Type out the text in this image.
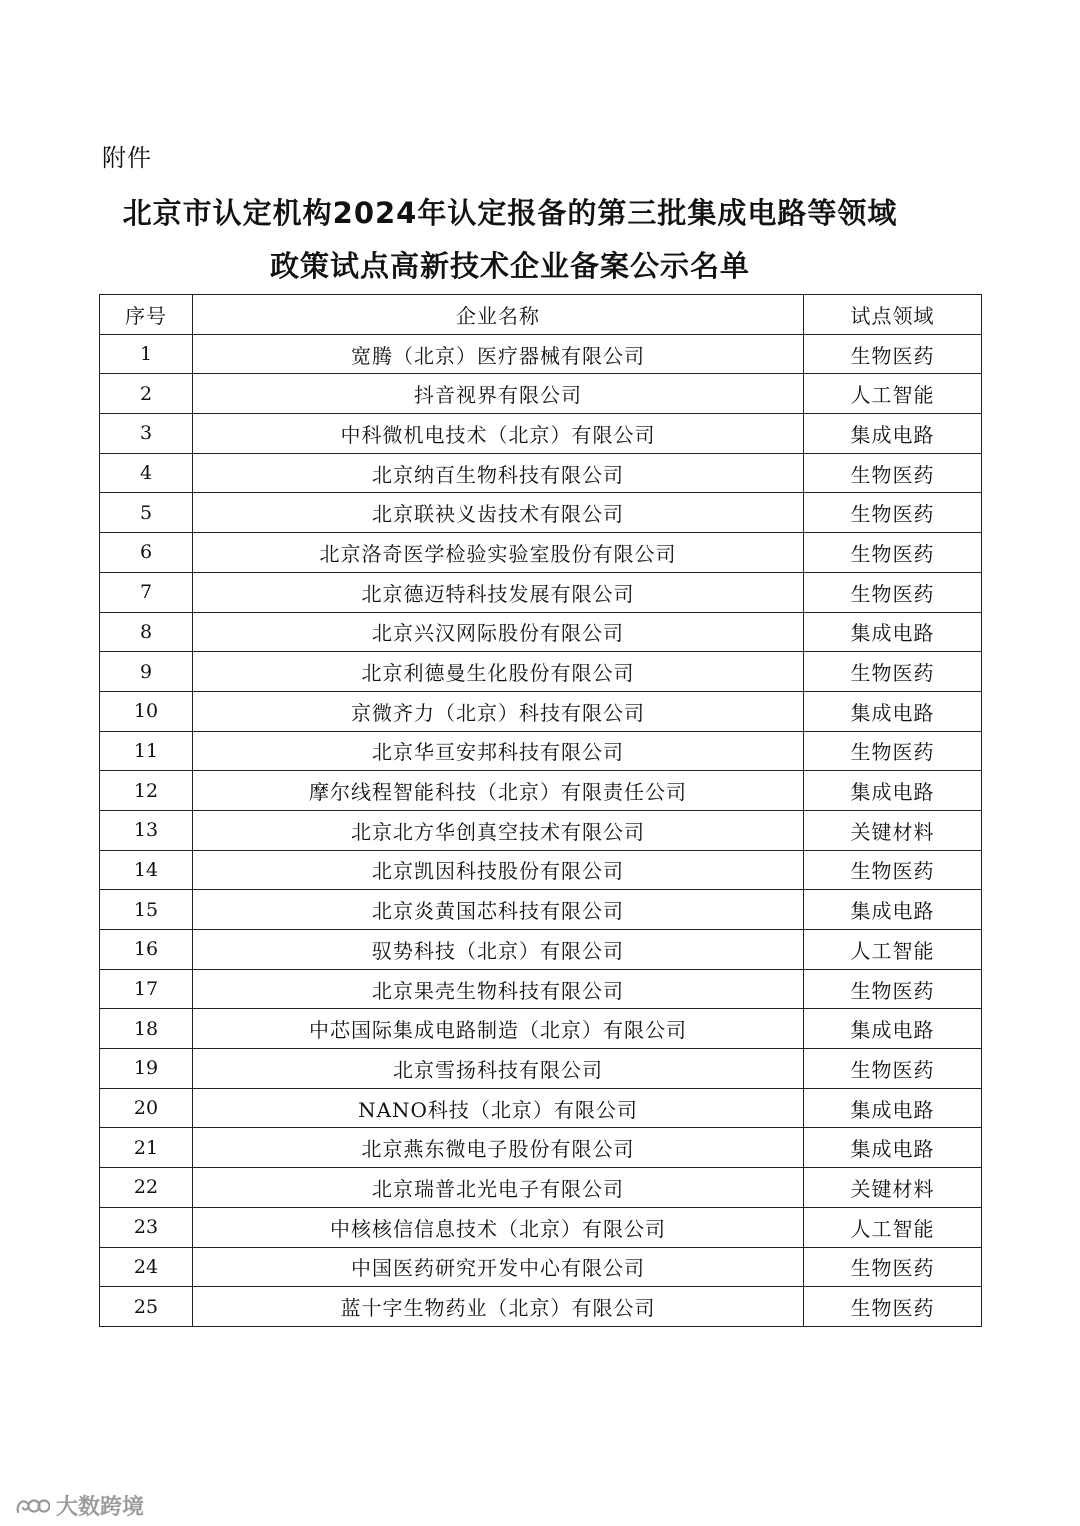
附件
北京市认定机构2024年认定报备的第三批集成电路等领域
政策试点高新技术企业备案公示名单
序号	企业名称	试点领域
1	宽腾（北京）医疗器械有限公司	生物医药
2	抖音视界有限公司	人工智能
3	中科微机电技术（北京）有限公司	集成电路
4	北京纳百生物科技有限公司	生物医药
5	北京联袂义齿技术有限公司	生物医药
6	北京洛奇医学检验实验室股份有限公司	生物医药
7	北京德迈特科技发展有限公司	生物医药
8	北京兴汉网际股份有限公司	集成电路
9	北京利德曼生化股份有限公司	生物医药
10	京微齐力（北京）科技有限公司	集成电路
11	北京华亘安邦科技有限公司	生物医药
12	摩尔线程智能科技（北京）有限责任公司	集成电路
13	北京北方华创真空技术有限公司	关键材料
14	北京凯因科技股份有限公司	生物医药
15	北京炎黄国芯科技有限公司	集成电路
16	驭势科技（北京）有限公司	人工智能
17	北京果壳生物科技有限公司	生物医药
18	中芯国际集成电路制造（北京）有限公司	集成电路
19	北京雪扬科技有限公司	生物医药
20	NANO科技（北京）有限公司	集成电路
21	北京燕东微电子股份有限公司	集成电路
22	北京瑞普北光电子有限公司	关键材料
23	中核核信信息技术（北京）有限公司	人工智能
24	中国医药研究开发中心有限公司	生物医药
25	蓝十字生物药业（北京）有限公司	生物医药
大数跨境
